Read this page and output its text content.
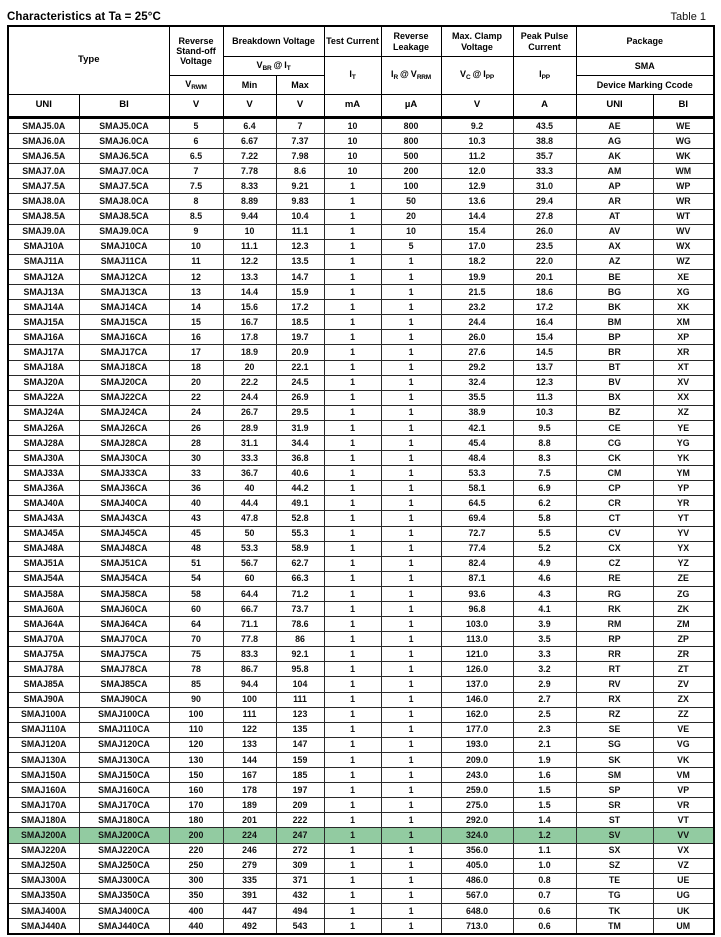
Characteristics at Ta = 25°C	Table 1
Type		Reverse Stand-off Voltage	Breakdown Voltage		Test Current	Reverse Leakage	Max. Clamp Voltage	Peak Pulse Current	Package	
			$V_{BR}$ @ $I_T$		$I_T$	$I_R$ @ $V_{RRM}$	$V_C$ @ $I_{PP}$	$I_{PP}$	SMA	
		$V_{RWM}$	Min	Max					Device Marking Ccode	
UNI	BI	V	V	V	mA	µA	V	A	UNI	BI
SMAJ5.0A	SMAJ5.0CA	5	6.4	7	10	800	9.2	43.5	AE	WE
SMAJ6.0A	SMAJ6.0CA	6	6.67	7.37	10	800	10.3	38.8	AG	WG
SMAJ6.5A	SMAJ6.5CA	6.5	7.22	7.98	10	500	11.2	35.7	AK	WK
SMAJ7.0A	SMAJ7.0CA	7	7.78	8.6	10	200	12.0	33.3	AM	WM
SMAJ7.5A	SMAJ7.5CA	7.5	8.33	9.21	1	100	12.9	31.0	AP	WP
SMAJ8.0A	SMAJ8.0CA	8	8.89	9.83	1	50	13.6	29.4	AR	WR
SMAJ8.5A	SMAJ8.5CA	8.5	9.44	10.4	1	20	14.4	27.8	AT	WT
SMAJ9.0A	SMAJ9.0CA	9	10	11.1	1	10	15.4	26.0	AV	WV
SMAJ10A	SMAJ10CA	10	11.1	12.3	1	5	17.0	23.5	AX	WX
SMAJ11A	SMAJ11CA	11	12.2	13.5	1	1	18.2	22.0	AZ	WZ
SMAJ12A	SMAJ12CA	12	13.3	14.7	1	1	19.9	20.1	BE	XE
SMAJ13A	SMAJ13CA	13	14.4	15.9	1	1	21.5	18.6	BG	XG
SMAJ14A	SMAJ14CA	14	15.6	17.2	1	1	23.2	17.2	BK	XK
SMAJ15A	SMAJ15CA	15	16.7	18.5	1	1	24.4	16.4	BM	XM
SMAJ16A	SMAJ16CA	16	17.8	19.7	1	1	26.0	15.4	BP	XP
SMAJ17A	SMAJ17CA	17	18.9	20.9	1	1	27.6	14.5	BR	XR
SMAJ18A	SMAJ18CA	18	20	22.1	1	1	29.2	13.7	BT	XT
SMAJ20A	SMAJ20CA	20	22.2	24.5	1	1	32.4	12.3	BV	XV
SMAJ22A	SMAJ22CA	22	24.4	26.9	1	1	35.5	11.3	BX	XX
SMAJ24A	SMAJ24CA	24	26.7	29.5	1	1	38.9	10.3	BZ	XZ
SMAJ26A	SMAJ26CA	26	28.9	31.9	1	1	42.1	9.5	CE	YE
SMAJ28A	SMAJ28CA	28	31.1	34.4	1	1	45.4	8.8	CG	YG
SMAJ30A	SMAJ30CA	30	33.3	36.8	1	1	48.4	8.3	CK	YK
SMAJ33A	SMAJ33CA	33	36.7	40.6	1	1	53.3	7.5	CM	YM
SMAJ36A	SMAJ36CA	36	40	44.2	1	1	58.1	6.9	CP	YP
SMAJ40A	SMAJ40CA	40	44.4	49.1	1	1	64.5	6.2	CR	YR
SMAJ43A	SMAJ43CA	43	47.8	52.8	1	1	69.4	5.8	CT	YT
SMAJ45A	SMAJ45CA	45	50	55.3	1	1	72.7	5.5	CV	YV
SMAJ48A	SMAJ48CA	48	53.3	58.9	1	1	77.4	5.2	CX	YX
SMAJ51A	SMAJ51CA	51	56.7	62.7	1	1	82.4	4.9	CZ	YZ
SMAJ54A	SMAJ54CA	54	60	66.3	1	1	87.1	4.6	RE	ZE
SMAJ58A	SMAJ58CA	58	64.4	71.2	1	1	93.6	4.3	RG	ZG
SMAJ60A	SMAJ60CA	60	66.7	73.7	1	1	96.8	4.1	RK	ZK
SMAJ64A	SMAJ64CA	64	71.1	78.6	1	1	103.0	3.9	RM	ZM
SMAJ70A	SMAJ70CA	70	77.8	86	1	1	113.0	3.5	RP	ZP
SMAJ75A	SMAJ75CA	75	83.3	92.1	1	1	121.0	3.3	RR	ZR
SMAJ78A	SMAJ78CA	78	86.7	95.8	1	1	126.0	3.2	RT	ZT
SMAJ85A	SMAJ85CA	85	94.4	104	1	1	137.0	2.9	RV	ZV
SMAJ90A	SMAJ90CA	90	100	111	1	1	146.0	2.7	RX	ZX
SMAJ100A	SMAJ100CA	100	111	123	1	1	162.0	2.5	RZ	ZZ
SMAJ110A	SMAJ110CA	110	122	135	1	1	177.0	2.3	SE	VE
SMAJ120A	SMAJ120CA	120	133	147	1	1	193.0	2.1	SG	VG
SMAJ130A	SMAJ130CA	130	144	159	1	1	209.0	1.9	SK	VK
SMAJ150A	SMAJ150CA	150	167	185	1	1	243.0	1.6	SM	VM
SMAJ160A	SMAJ160CA	160	178	197	1	1	259.0	1.5	SP	VP
SMAJ170A	SMAJ170CA	170	189	209	1	1	275.0	1.5	SR	VR
SMAJ180A	SMAJ180CA	180	201	222	1	1	292.0	1.4	ST	VT
SMAJ200A	SMAJ200CA	200	224	247	1	1	324.0	1.2	SV	VV
SMAJ220A	SMAJ220CA	220	246	272	1	1	356.0	1.1	SX	VX
SMAJ250A	SMAJ250CA	250	279	309	1	1	405.0	1.0	SZ	VZ
SMAJ300A	SMAJ300CA	300	335	371	1	1	486.0	0.8	TE	UE
SMAJ350A	SMAJ350CA	350	391	432	1	1	567.0	0.7	TG	UG
SMAJ400A	SMAJ400CA	400	447	494	1	1	648.0	0.6	TK	UK
SMAJ440A	SMAJ440CA	440	492	543	1	1	713.0	0.6	TM	UM
